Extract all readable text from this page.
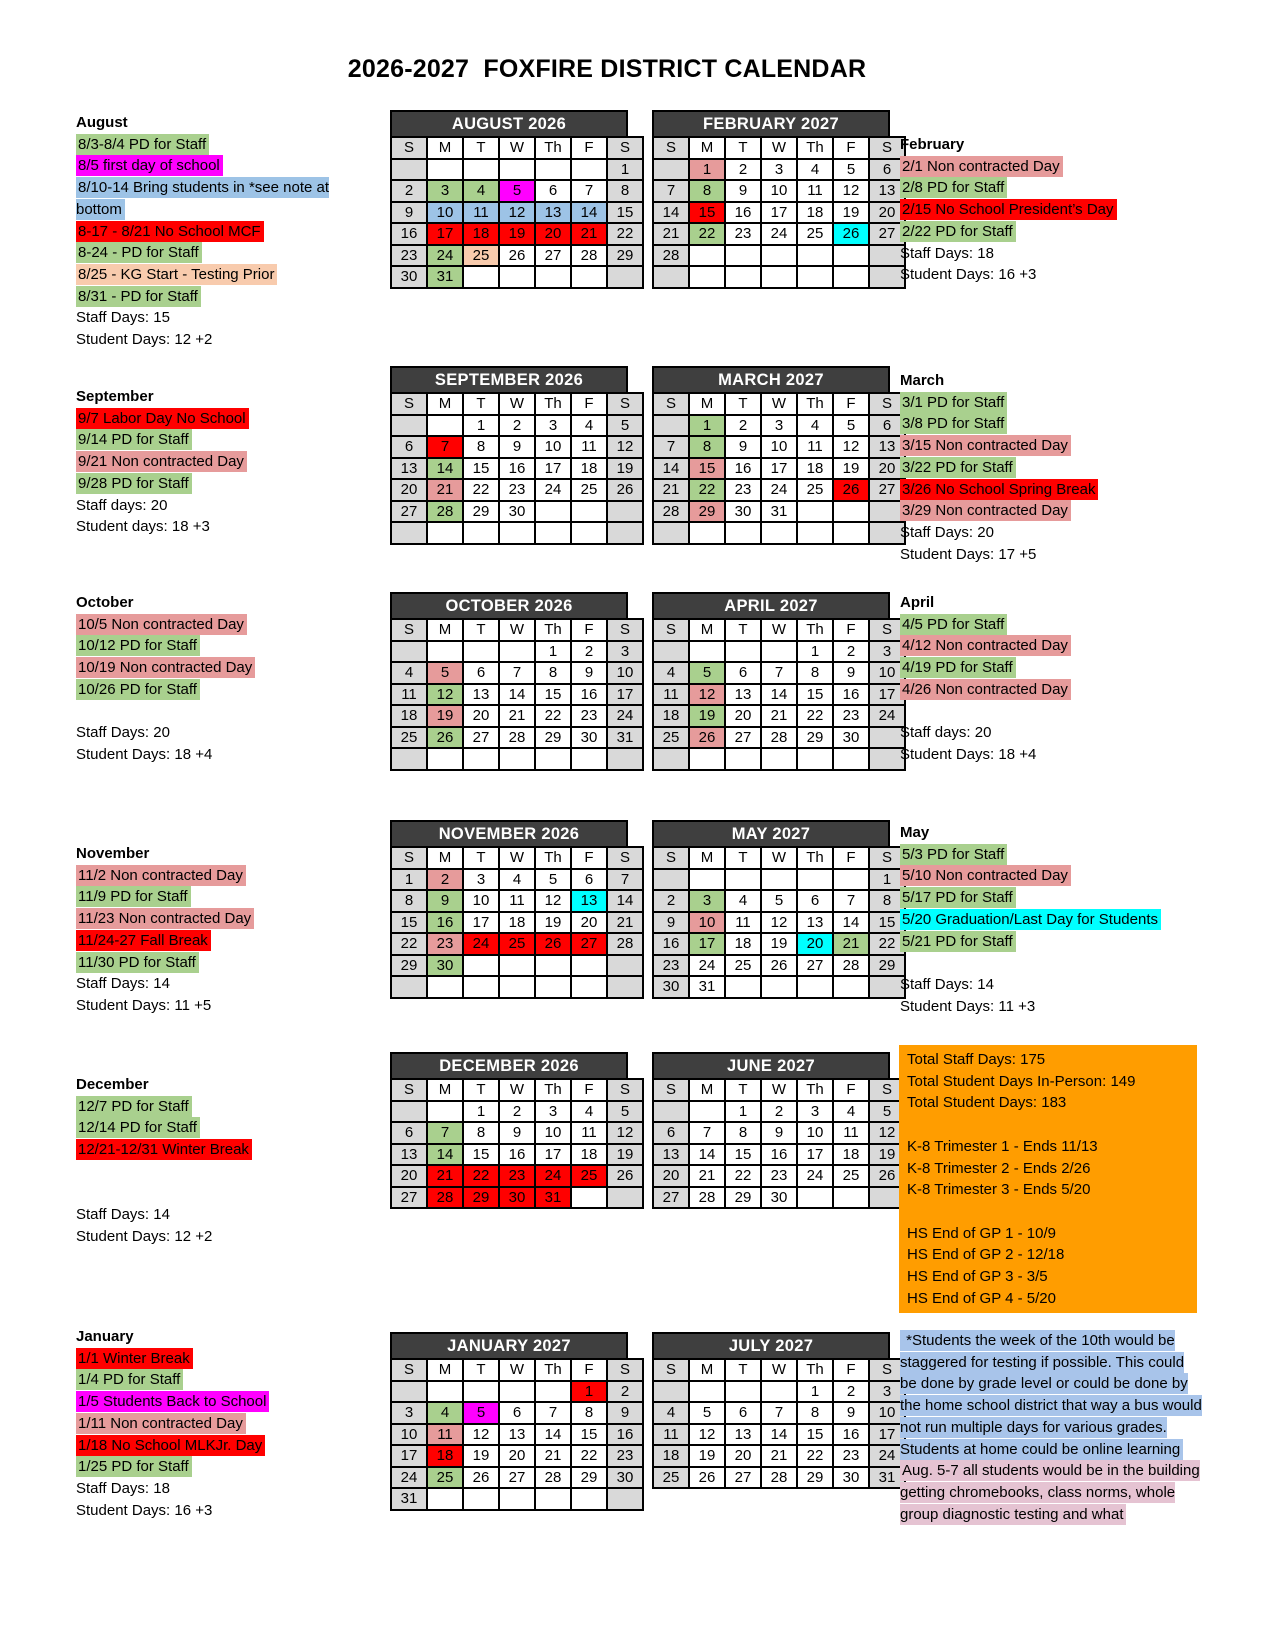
2026-2027  FOXFIRE DISTRICT CALENDAR
AUGUST 2026
S	M	T	W	Th	F	S
						1
2	3	4	5	6	7	8
9	10	11	12	13	14	15
16	17	18	19	20	21	22
23	24	25	26	27	28	29
30	31					
SEPTEMBER 2026
S	M	T	W	Th	F	S
		1	2	3	4	5
6	7	8	9	10	11	12
13	14	15	16	17	18	19
20	21	22	23	24	25	26
27	28	29	30			

OCTOBER 2026
S	M	T	W	Th	F	S
				1	2	3
4	5	6	7	8	9	10
11	12	13	14	15	16	17
18	19	20	21	22	23	24
25	26	27	28	29	30	31

NOVEMBER 2026
S	M	T	W	Th	F	S
1	2	3	4	5	6	7
8	9	10	11	12	13	14
15	16	17	18	19	20	21
22	23	24	25	26	27	28
29	30					

DECEMBER 2026
S	M	T	W	Th	F	S
		1	2	3	4	5
6	7	8	9	10	11	12
13	14	15	16	17	18	19
20	21	22	23	24	25	26
27	28	29	30	31		
JANUARY 2027
S	M	T	W	Th	F	S
					1	2
3	4	5	6	7	8	9
10	11	12	13	14	15	16
17	18	19	20	21	22	23
24	25	26	27	28	29	30
31						
FEBRUARY 2027
S	M	T	W	Th	F	S
	1	2	3	4	5	6
7	8	9	10	11	12	13
14	15	16	17	18	19	20
21	22	23	24	25	26	27
28						

MARCH 2027
S	M	T	W	Th	F	S
	1	2	3	4	5	6
7	8	9	10	11	12	13
14	15	16	17	18	19	20
21	22	23	24	25	26	27
28	29	30	31			

APRIL 2027
S	M	T	W	Th	F	S
				1	2	3
4	5	6	7	8	9	10
11	12	13	14	15	16	17
18	19	20	21	22	23	24
25	26	27	28	29	30	

MAY 2027
S	M	T	W	Th	F	S
						1
2	3	4	5	6	7	8
9	10	11	12	13	14	15
16	17	18	19	20	21	22
23	24	25	26	27	28	29
30	31					
JUNE 2027
S	M	T	W	Th	F	S
		1	2	3	4	5
6	7	8	9	10	11	12
13	14	15	16	17	18	19
20	21	22	23	24	25	26
27	28	29	30			
JULY 2027
S	M	T	W	Th	F	S
				1	2	3
4	5	6	7	8	9	10
11	12	13	14	15	16	17
18	19	20	21	22	23	24
25	26	27	28	29	30	31
August
8/3-8/4 PD for Staff
8/5 first day of school
8/10-14 Bring students in *see note at bottom
8-17 - 8/21 No School MCF
8-24 - PD for Staff
8/25 - KG Start - Testing Prior
8/31 - PD for Staff
Staff Days: 15
Student Days: 12 +2
September
9/7 Labor Day No School
9/14 PD for Staff
9/21 Non contracted Day
9/28 PD for Staff
Staff days: 20
Student days: 18 +3
October
10/5 Non contracted Day
10/12 PD for Staff
10/19 Non contracted Day
10/26 PD for Staff
Staff Days: 20
Student Days: 18 +4
November
11/2 Non contracted Day
11/9 PD for Staff
11/23 Non contracted Day
11/24-27 Fall Break
11/30 PD for Staff
Staff Days: 14
Student Days: 11 +5
December
12/7 PD for Staff
12/14 PD for Staff
12/21-12/31 Winter Break
Staff Days: 14
Student Days: 12 +2
January
1/1 Winter Break
1/4 PD for Staff
1/5 Students Back to School
1/11 Non contracted Day
1/18 No School MLKJr. Day
1/25 PD for Staff
Staff Days: 18
Student Days: 16 +3
February
2/1 Non contracted Day
2/8 PD for Staff
2/15 No School President’s Day
2/22 PD for Staff
Staff Days: 18
Student Days: 16 +3
March
3/1 PD for Staff
3/8 PD for Staff
3/15 Non contracted Day
3/22 PD for Staff
3/26 No School Spring Break
3/29 Non contracted Day
Staff Days: 20
Student Days: 17 +5
April
4/5 PD for Staff
4/12 Non contracted Day
4/19 PD for Staff
4/26 Non contracted Day
Staff days: 20
Student Days: 18 +4
May
5/3 PD for Staff
5/10 Non contracted Day
5/17 PD for Staff
5/20 Graduation/Last Day for Students
5/21 PD for Staff
Staff Days: 14
Student Days: 11 +3
Total Staff Days: 175
Total Student Days In-Person: 149
Total Student Days: 183
K-8 Trimester 1 - Ends 11/13
K-8 Trimester 2 - Ends 2/26
K-8 Trimester 3 - Ends 5/20
HS End of GP 1 - 10/9
HS End of GP 2 - 12/18
HS End of GP 3 - 3/5
HS End of GP 4 - 5/20
*Students the week of the 10th would be staggered for testing if possible. This could be done by grade level or could be done by the home school district that way a bus would not run multiple days for various grades. Students at home could be online learning
Aug. 5-7 all students would be in the building getting chromebooks, class norms, whole group diagnostic testing and what
